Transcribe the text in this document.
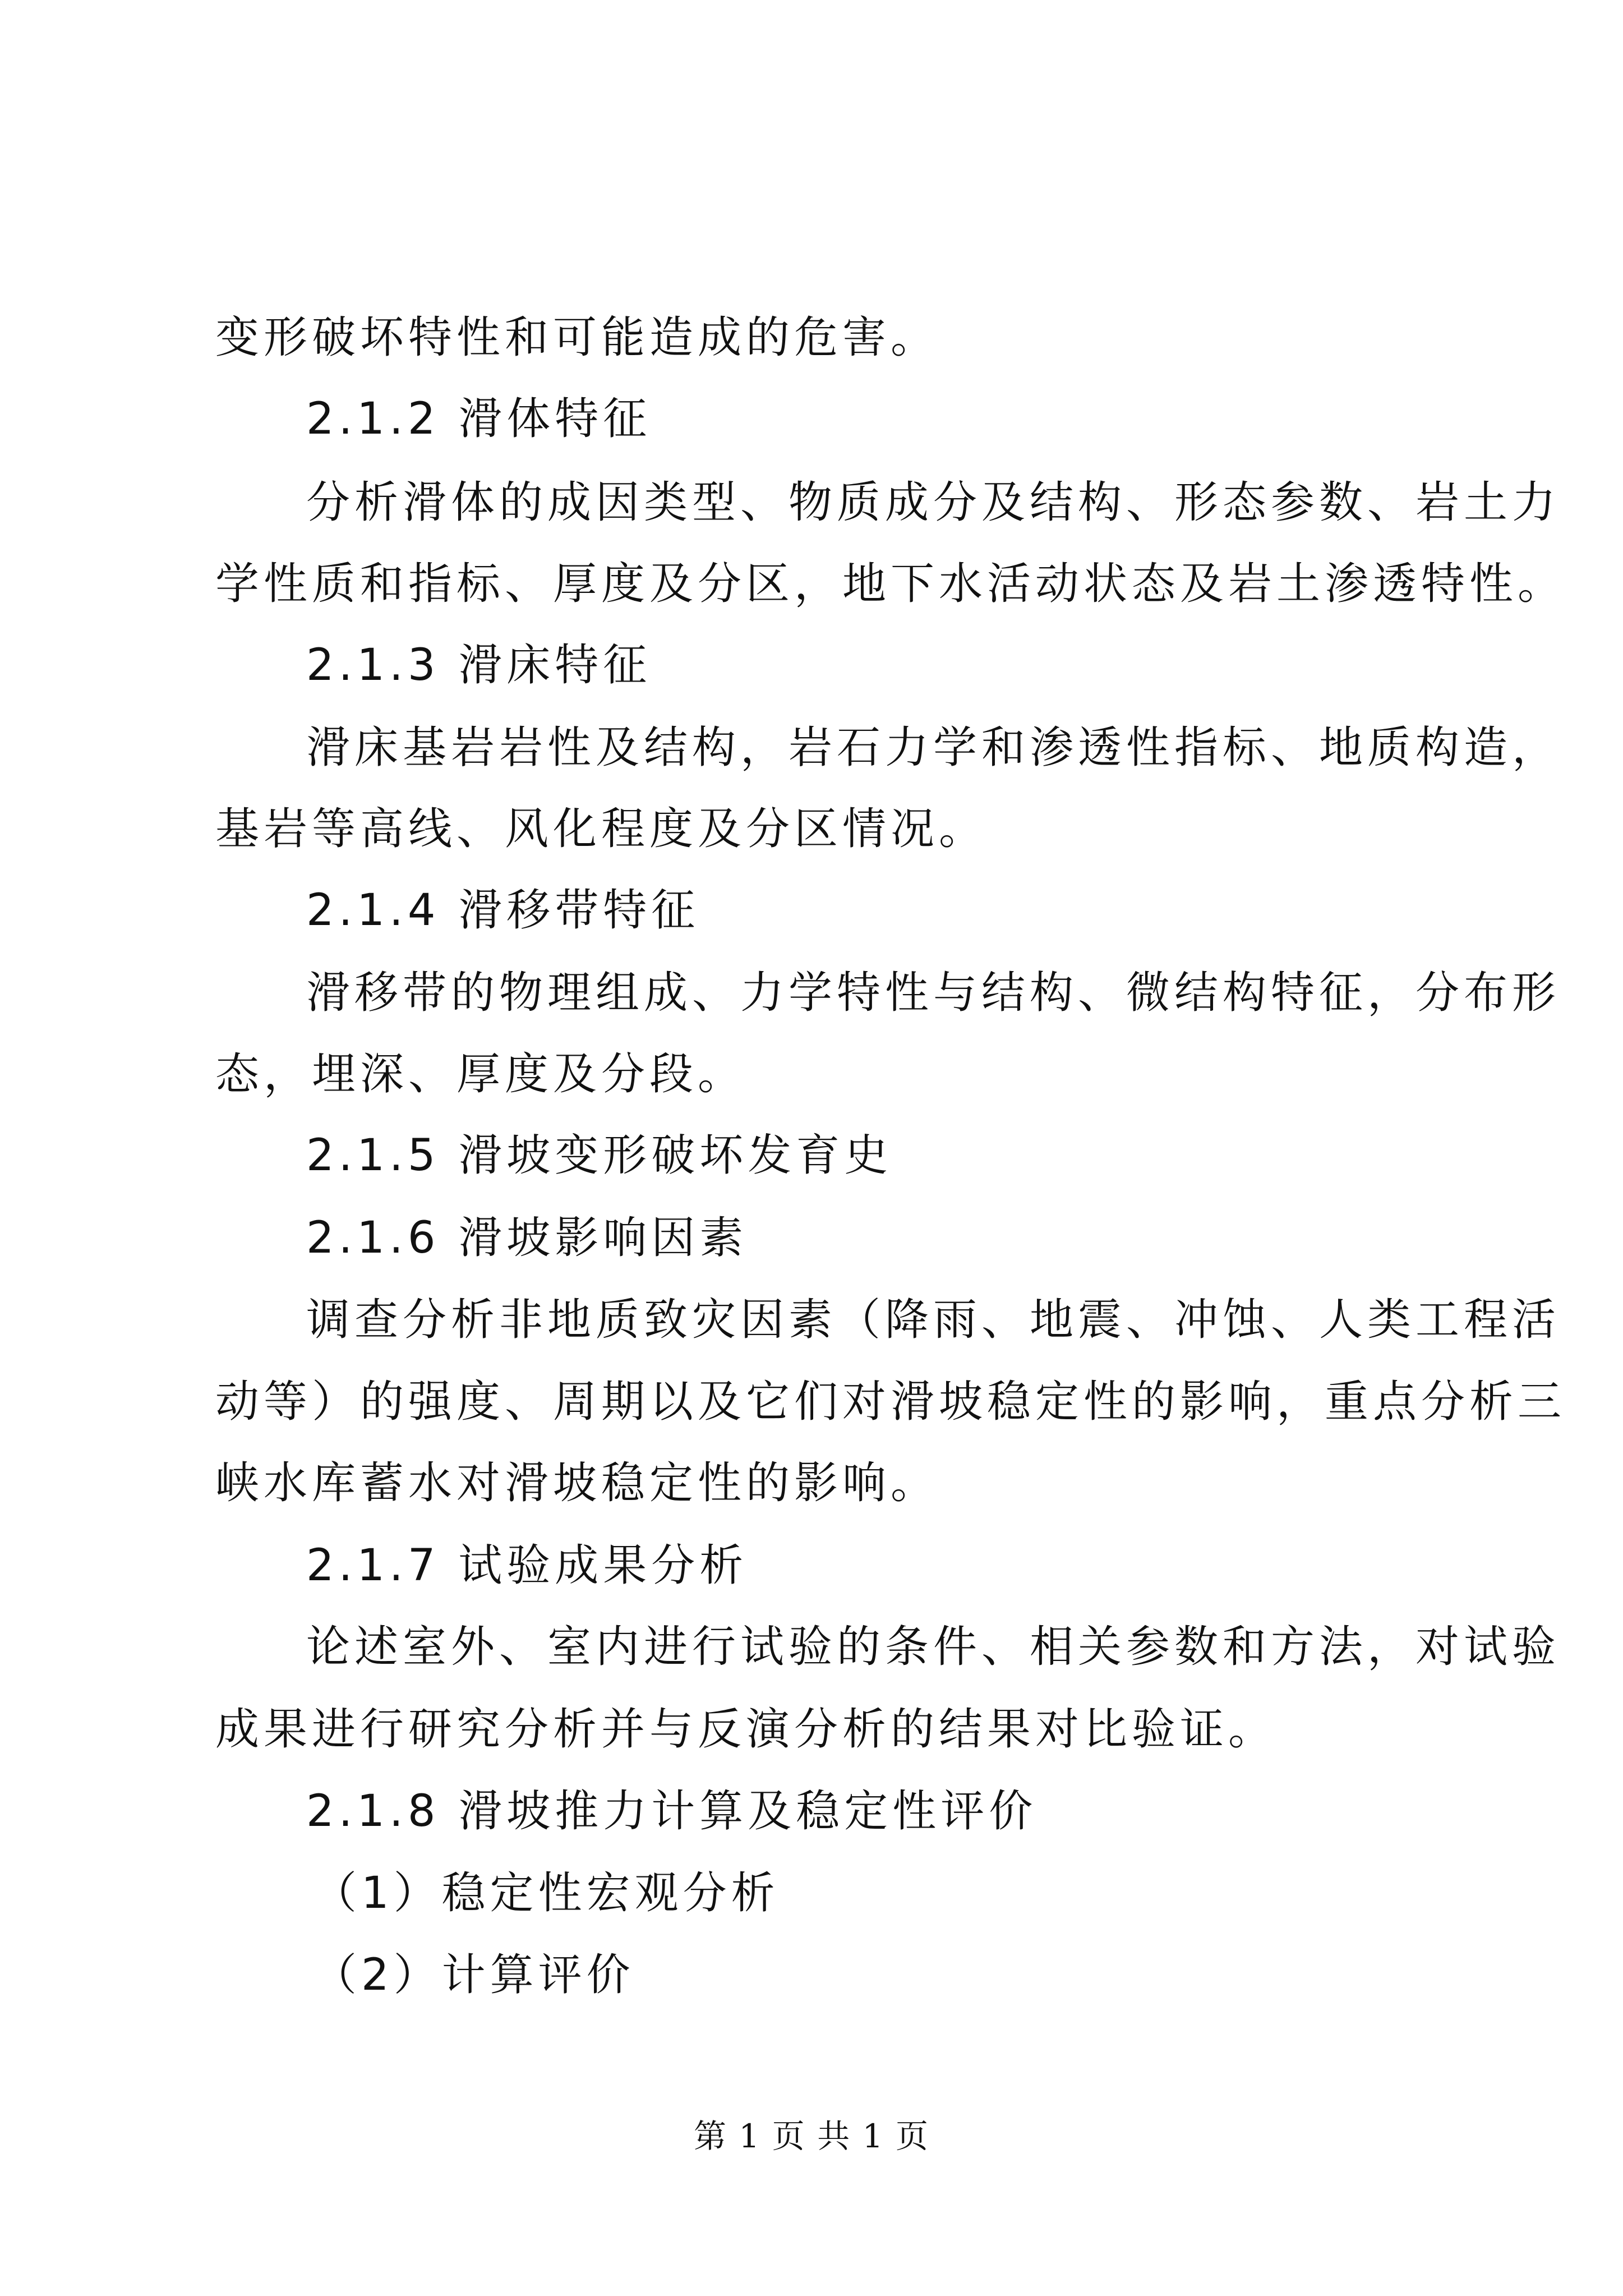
变形破坏特性和可能造成的危害。
2.1.2 滑体特征
分析滑体的成因类型、物质成分及结构、形态参数、岩土力
学性质和指标、厚度及分区，地下水活动状态及岩土渗透特性。
2.1.3 滑床特征
滑床基岩岩性及结构，岩石力学和渗透性指标、地质构造，
基岩等高线、风化程度及分区情况。
2.1.4 滑移带特征
滑移带的物理组成、力学特性与结构、微结构特征，分布形
态，埋深、厚度及分段。
2.1.5 滑坡变形破坏发育史
2.1.6 滑坡影响因素
调查分析非地质致灾因素（降雨、地震、冲蚀、人类工程活
动等）的强度、周期以及它们对滑坡稳定性的影响，重点分析三
峡水库蓄水对滑坡稳定性的影响。
2.1.7 试验成果分析
论述室外、室内进行试验的条件、相关参数和方法，对试验
成果进行研究分析并与反演分析的结果对比验证。
2.1.8 滑坡推力计算及稳定性评价
（1）稳定性宏观分析
（2）计算评价
第 1 页 共 1 页
